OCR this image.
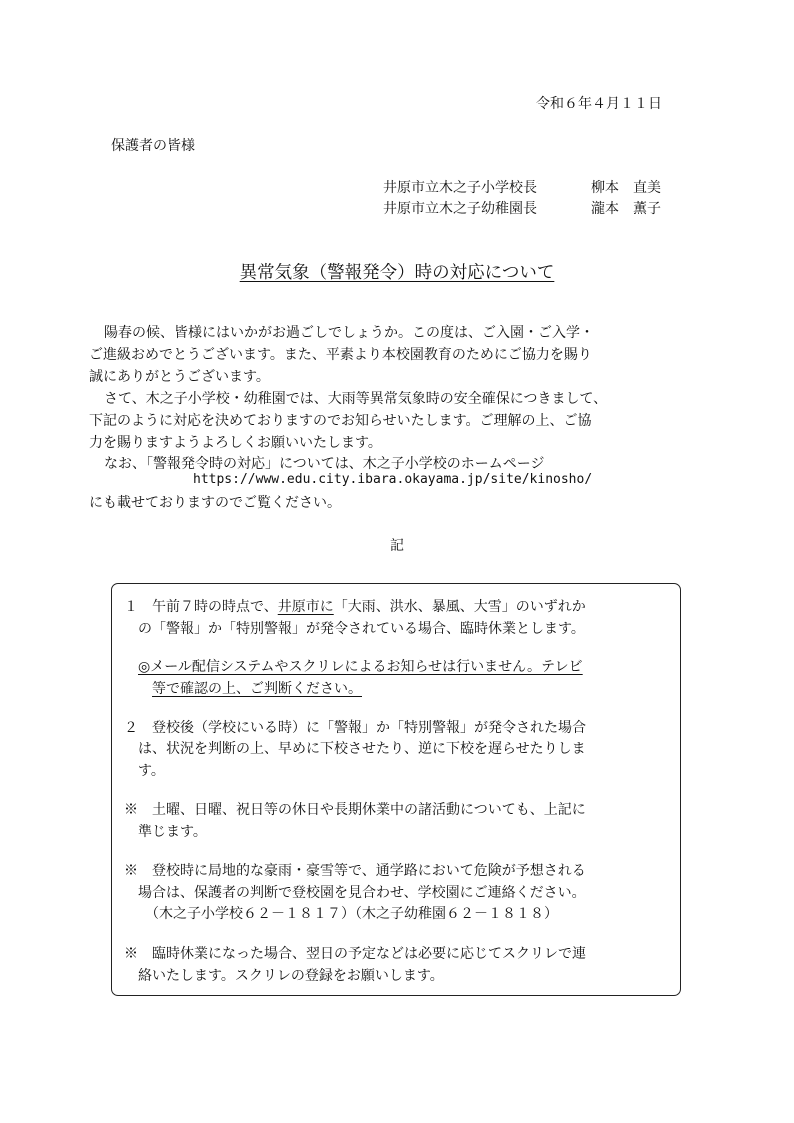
令和６年４月１１日
保護者の皆様
井原市立木之子小学校長	柳本　直美
井原市立木之子幼稚園長	瀧本　薫子
異常気象（警報発令）時の対応について
陽春の候、皆様にはいかがお過ごしでしょうか。この度は、ご入園・ご入学・
ご進級おめでとうございます。また、平素より本校園教育のためにご協力を賜り
誠にありがとうございます。
さて、木之子小学校・幼稚園では、大雨等異常気象時の安全確保につきまして、
下記のように対応を決めておりますのでお知らせいたします。ご理解の上、ご協
力を賜りますようよろしくお願いいたします。
なお、「警報発令時の対応」については、木之子小学校のホームページ
https://www.edu.city.ibara.okayama.jp/site/kinosho/
にも載せておりますのでご覧ください。
記
１　午前７時の時点で、井原市に「大雨、洪水、暴風、大雪」のいずれか
の「警報」か「特別警報」が発令されている場合、臨時休業とします。
◎メール配信システムやスクリレによるお知らせは行いません。テレビ
等で確認の上、ご判断ください。
２　登校後（学校にいる時）に「警報」か「特別警報」が発令された場合
は、状況を判断の上、早めに下校させたり、逆に下校を遅らせたりしま
す。
※　土曜、日曜、祝日等の休日や長期休業中の諸活動についても、上記に
準じます。
※　登校時に局地的な豪雨・豪雪等で、通学路において危険が予想される
場合は、保護者の判断で登校園を見合わせ、学校園にご連絡ください。
（木之子小学校６２－１８１７）（木之子幼稚園６２－１８１８）
※　臨時休業になった場合、翌日の予定などは必要に応じてスクリレで連
絡いたします。スクリレの登録をお願いします。
